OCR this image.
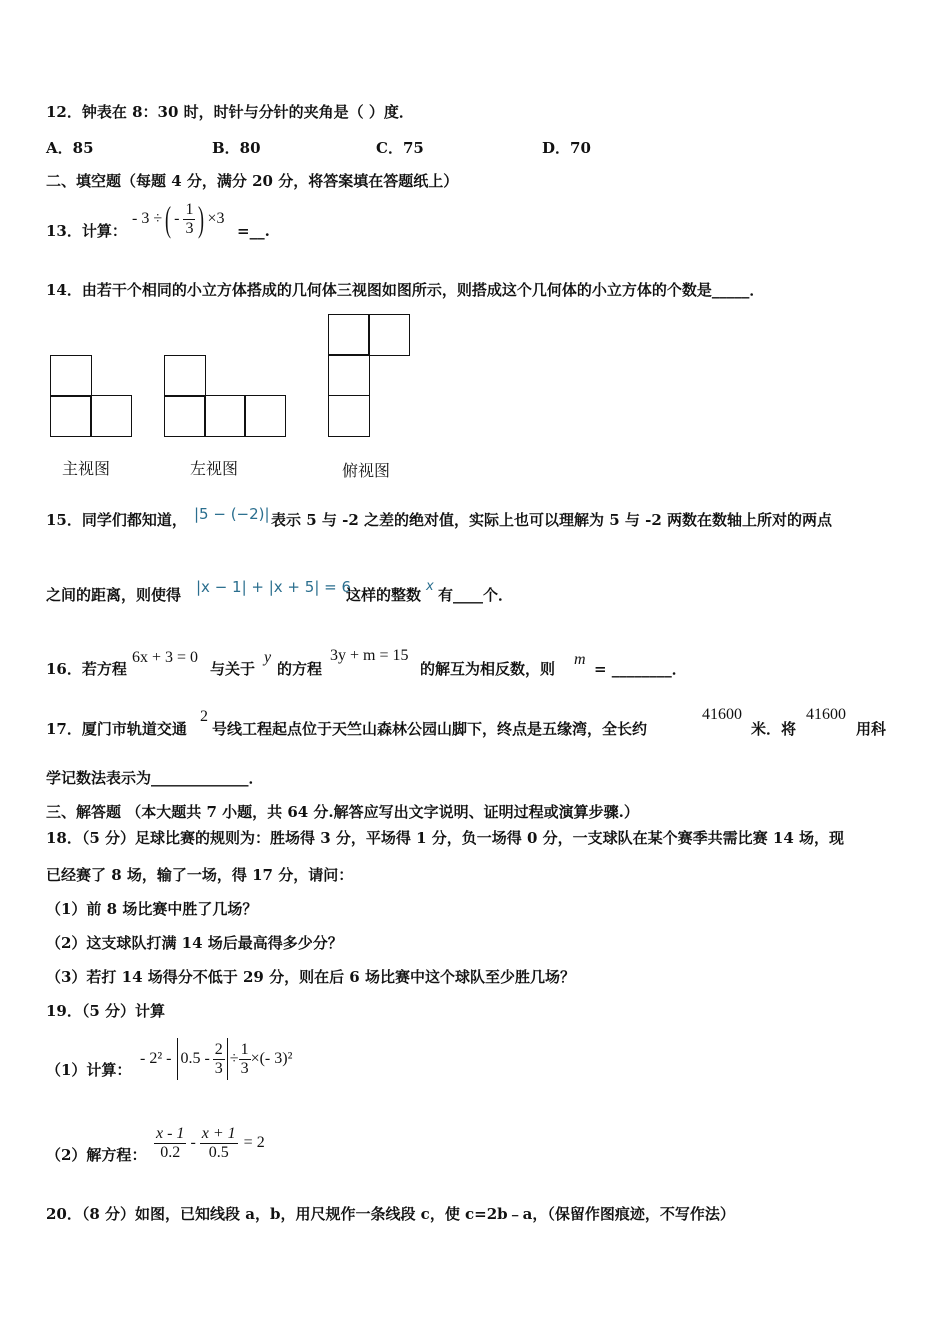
12．钟表在 8：30 时，时针与分针的夹角是（ ）度．
A．85	B．80	C．75	D．70
二、填空题（每题 4 分，满分 20 分，将答案填在答题纸上）
13．计算：
- 3 ÷ ( - $\frac{1}{3}$ ) ×3
=__.
14．由若干个相同的小立方体搭成的几何体三视图如图所示，则搭成这个几何体的小立方体的个数是_____．
主视图	左视图	俯视图
15．同学们都知道， |5 − (−2)| 表示 5 与 -2 之差的绝对值，实际上也可以理解为 5 与 -2 两数在数轴上所对的两点
之间的距离，则使得 |x − 1| + |x + 5| = 6
这样的整数 x 有____个．
16．若方程
6x + 3 = 0
与关于
y
的方程
3y + m = 15
的解互为相反数，则
m
= ________．
17．厦门市轨道交通
2
号线工程起点位于天竺山森林公园山脚下，终点是五缘湾，全长约
41600
米．将
41600
用科
学记数法表示为_____________．
三、解答题 （本大题共 7 小题，共 64 分.解答应写出文字说明、证明过程或演算步骤.）
18．（5 分）足球比赛的规则为：胜场得 3 分，平场得 1 分，负一场得 0 分，一支球队在某个赛季共需比赛 14 场，现
已经赛了 8 场，输了一场，得 17 分，请问：
（1）前 8 场比赛中胜了几场？
（2）这支球队打满 14 场后最高得多少分？
（3）若打 14 场得分不低于 29 分，则在后 6 场比赛中这个球队至少胜几场？
19．（5 分）计算
（1）计算：
- $2^2 - 0.5 - \frac{2}{3} \div \frac{1}{3}$ ×(- 3)²
（2）解方程： $\frac{x - 1}{0.2} - \frac{x + 1}{0.5} = 2$
20．（8 分）如图，已知线段 a，b，用尺规作一条线段 c，使 c=2b﹣a，（保留作图痕迹，不写作法）
